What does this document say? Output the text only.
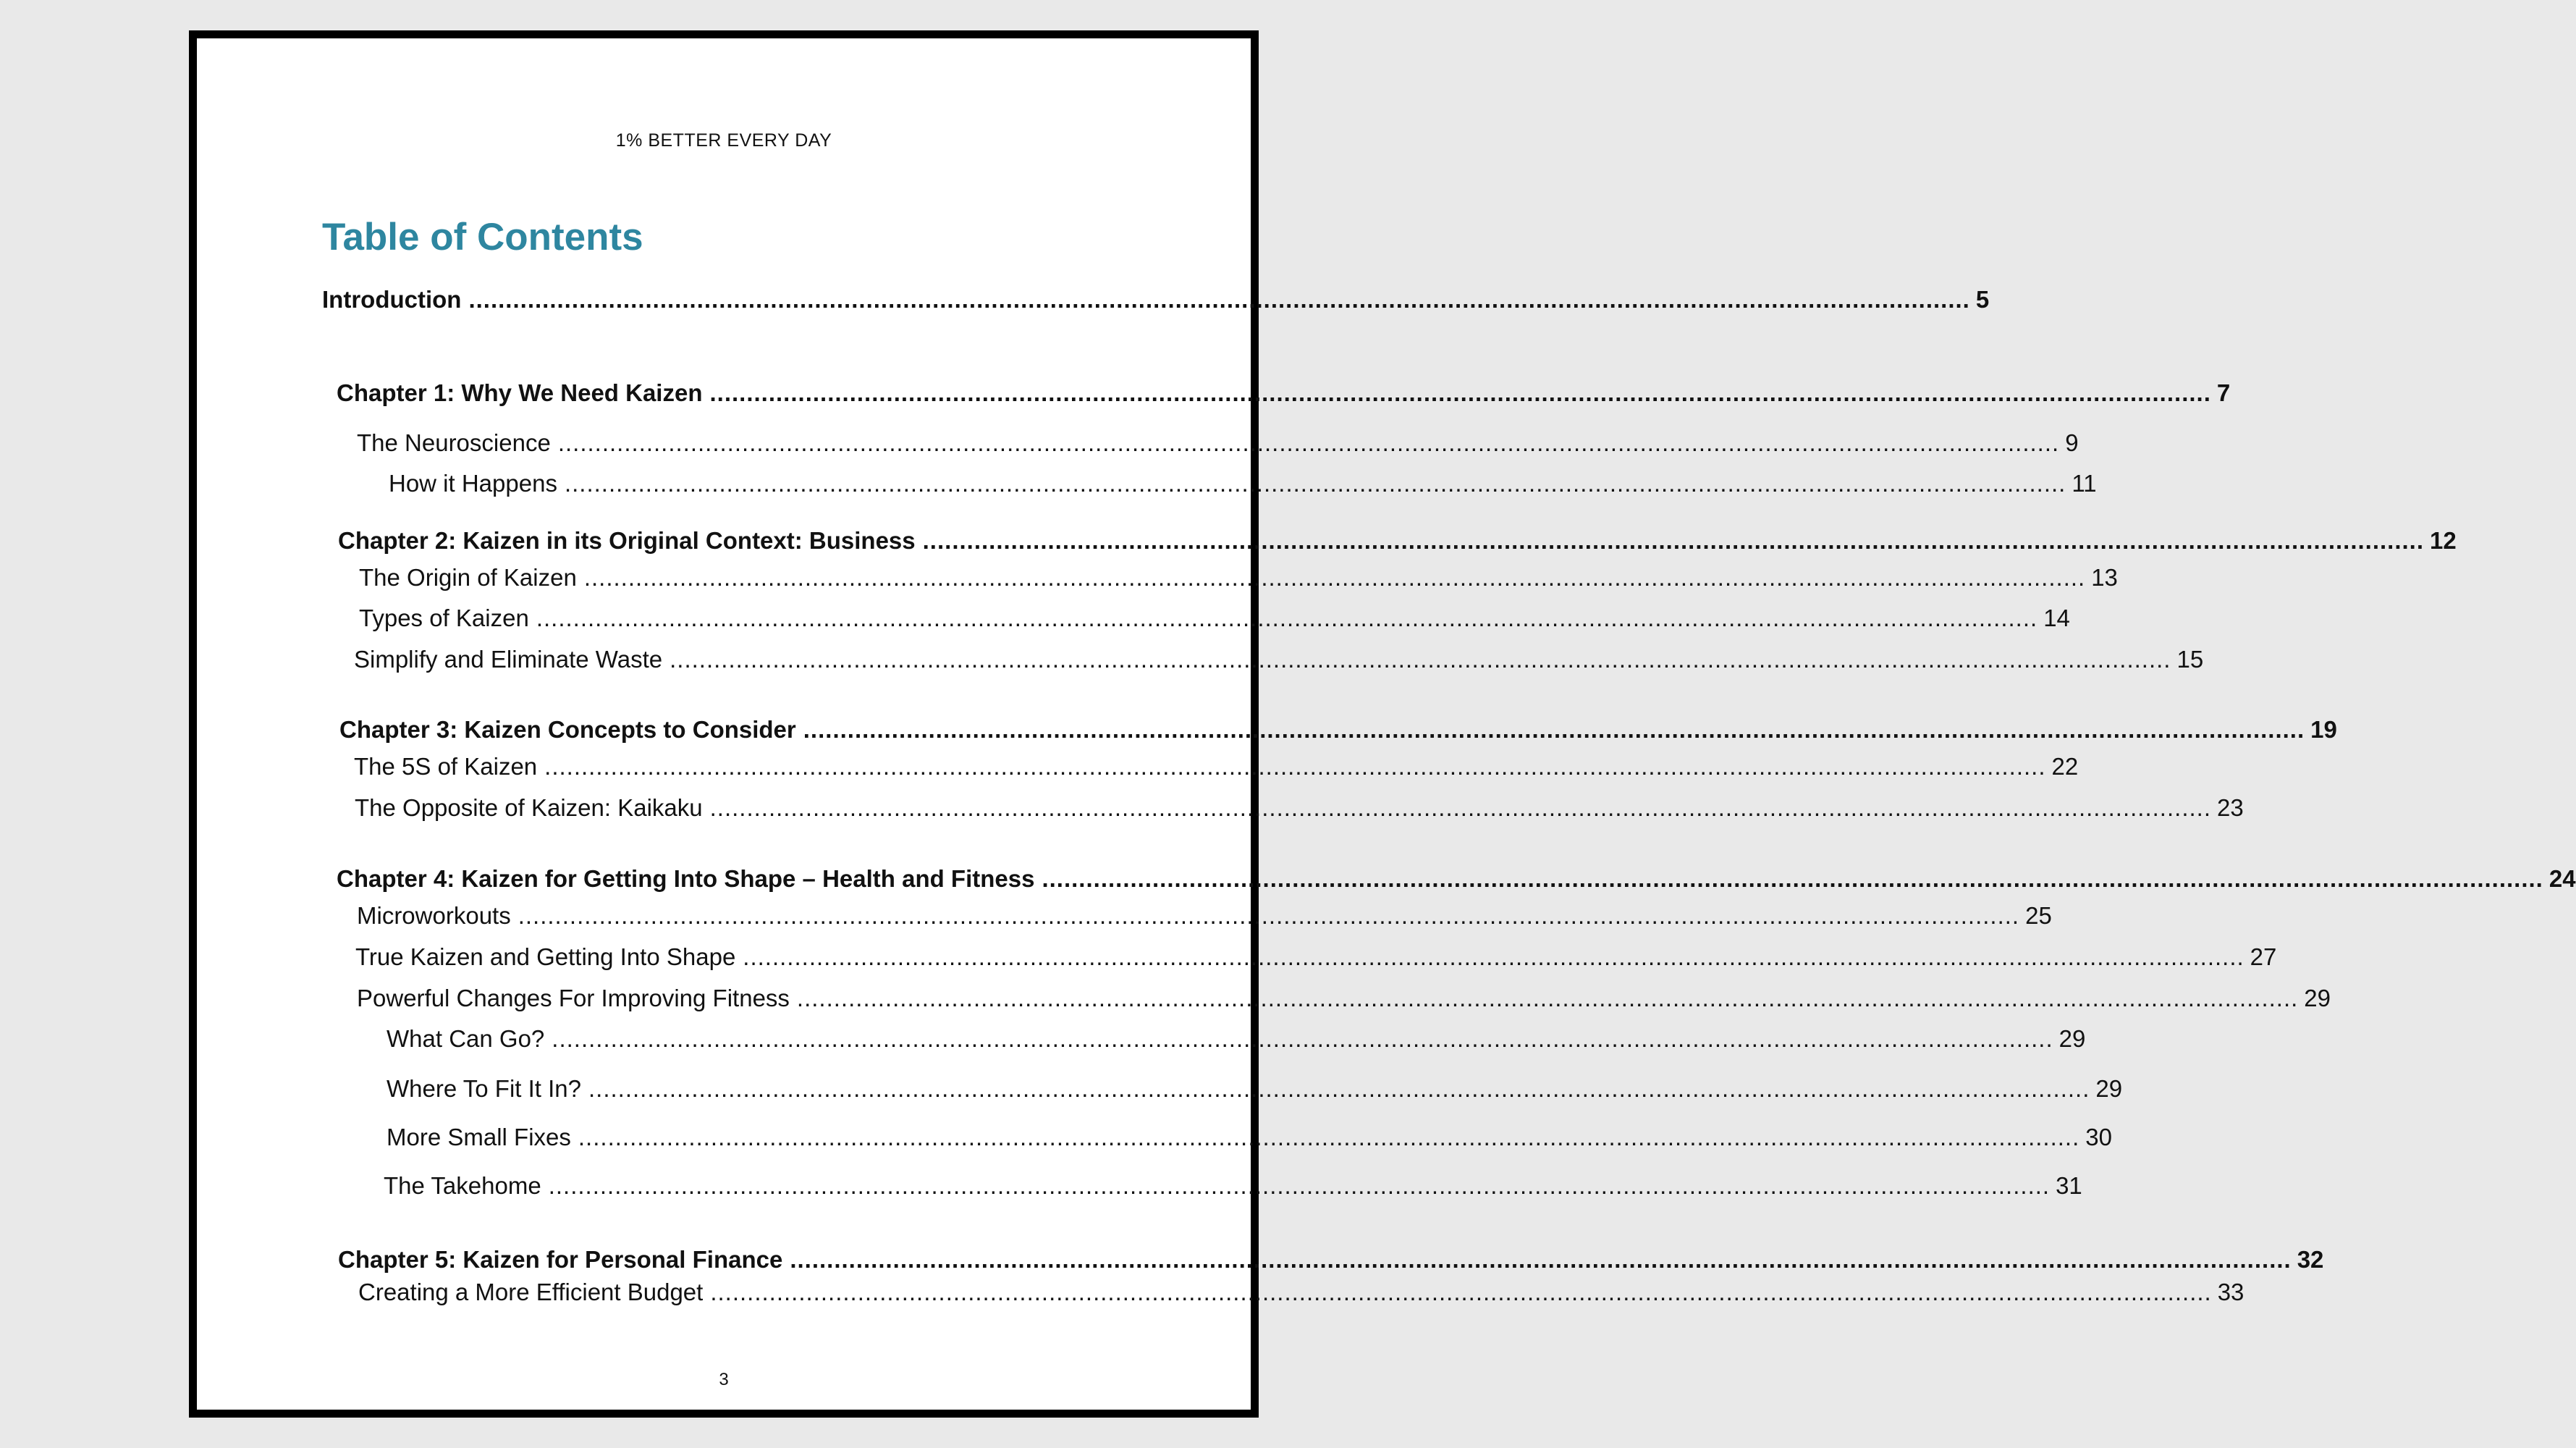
1% BETTER EVERY DAY
Table of Contents
Introduction ............................................................................................................................................................................................................ 5
Chapter 1: Why We Need Kaizen ............................................................................................................................................................................................................ 7
The Neuroscience ............................................................................................................................................................................................................ 9
How it Happens ............................................................................................................................................................................................................ 11
Chapter 2: Kaizen in its Original Context: Business ............................................................................................................................................................................................................ 12
The Origin of Kaizen ............................................................................................................................................................................................................ 13
Types of Kaizen ............................................................................................................................................................................................................ 14
Simplify and Eliminate Waste ............................................................................................................................................................................................................ 15
Chapter 3: Kaizen Concepts to Consider ............................................................................................................................................................................................................ 19
The 5S of Kaizen ............................................................................................................................................................................................................ 22
The Opposite of Kaizen: Kaikaku ............................................................................................................................................................................................................ 23
Chapter 4: Kaizen for Getting Into Shape – Health and Fitness ............................................................................................................................................................................................................ 24
Microworkouts ............................................................................................................................................................................................................ 25
True Kaizen and Getting Into Shape ............................................................................................................................................................................................................ 27
Powerful Changes For Improving Fitness ............................................................................................................................................................................................................ 29
What Can Go? ............................................................................................................................................................................................................ 29
Where To Fit It In? ............................................................................................................................................................................................................ 29
More Small Fixes ............................................................................................................................................................................................................ 30
The Takehome ............................................................................................................................................................................................................ 31
Chapter 5: Kaizen for Personal Finance ............................................................................................................................................................................................................ 32
Creating a More Efficient Budget ............................................................................................................................................................................................................ 33
3
